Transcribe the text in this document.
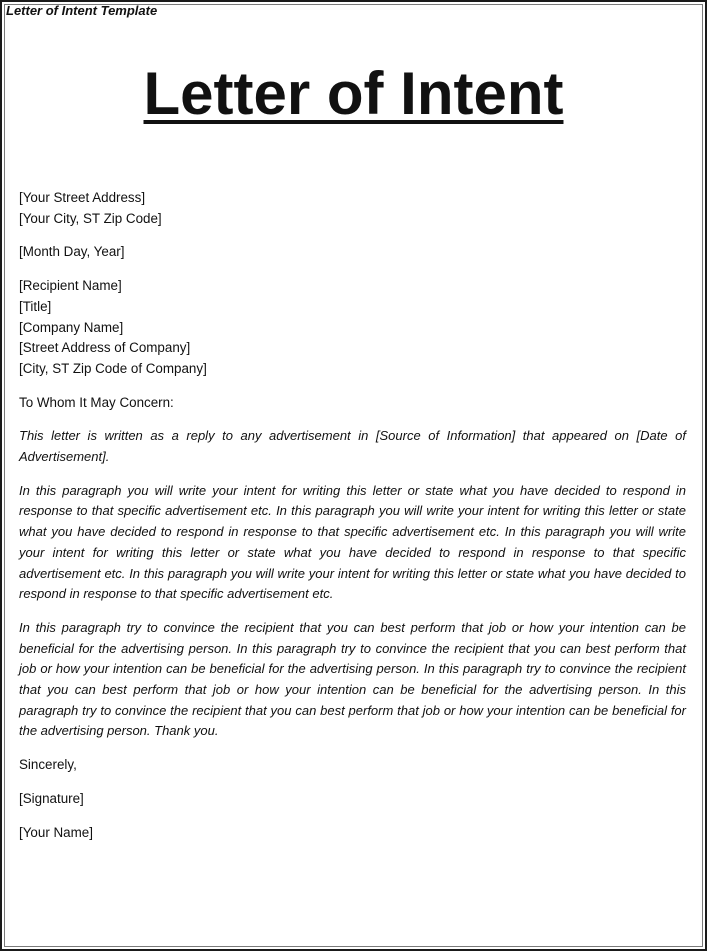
Letter of Intent Template
Letter of Intent
[Your Street Address]
[Your City, ST Zip Code]
[Month Day, Year]
[Recipient Name]
[Title]
[Company Name]
[Street Address of Company]
[City, ST Zip Code of Company]
To Whom It May Concern:
This letter is written as a reply to any advertisement in [Source of Information] that appeared on [Date of Advertisement].
In this paragraph you will write your intent for writing this letter or state what you have decided to respond in response to that specific advertisement etc. In this paragraph you will write your intent for writing this letter or state what you have decided to respond in response to that specific advertisement etc. In this paragraph you will write your intent for writing this letter or state what you have decided to respond in response to that specific advertisement etc. In this paragraph you will write your intent for writing this letter or state what you have decided to respond in response to that specific advertisement etc.
In this paragraph try to convince the recipient that you can best perform that job or how your intention can be beneficial for the advertising person. In this paragraph try to convince the recipient that you can best perform that job or how your intention can be beneficial for the advertising person. In this paragraph try to convince the recipient that you can best perform that job or how your intention can be beneficial for the advertising person. In this paragraph try to convince the recipient that you can best perform that job or how your intention can be beneficial for the advertising person. Thank you.
Sincerely,
[Signature]
[Your Name]
